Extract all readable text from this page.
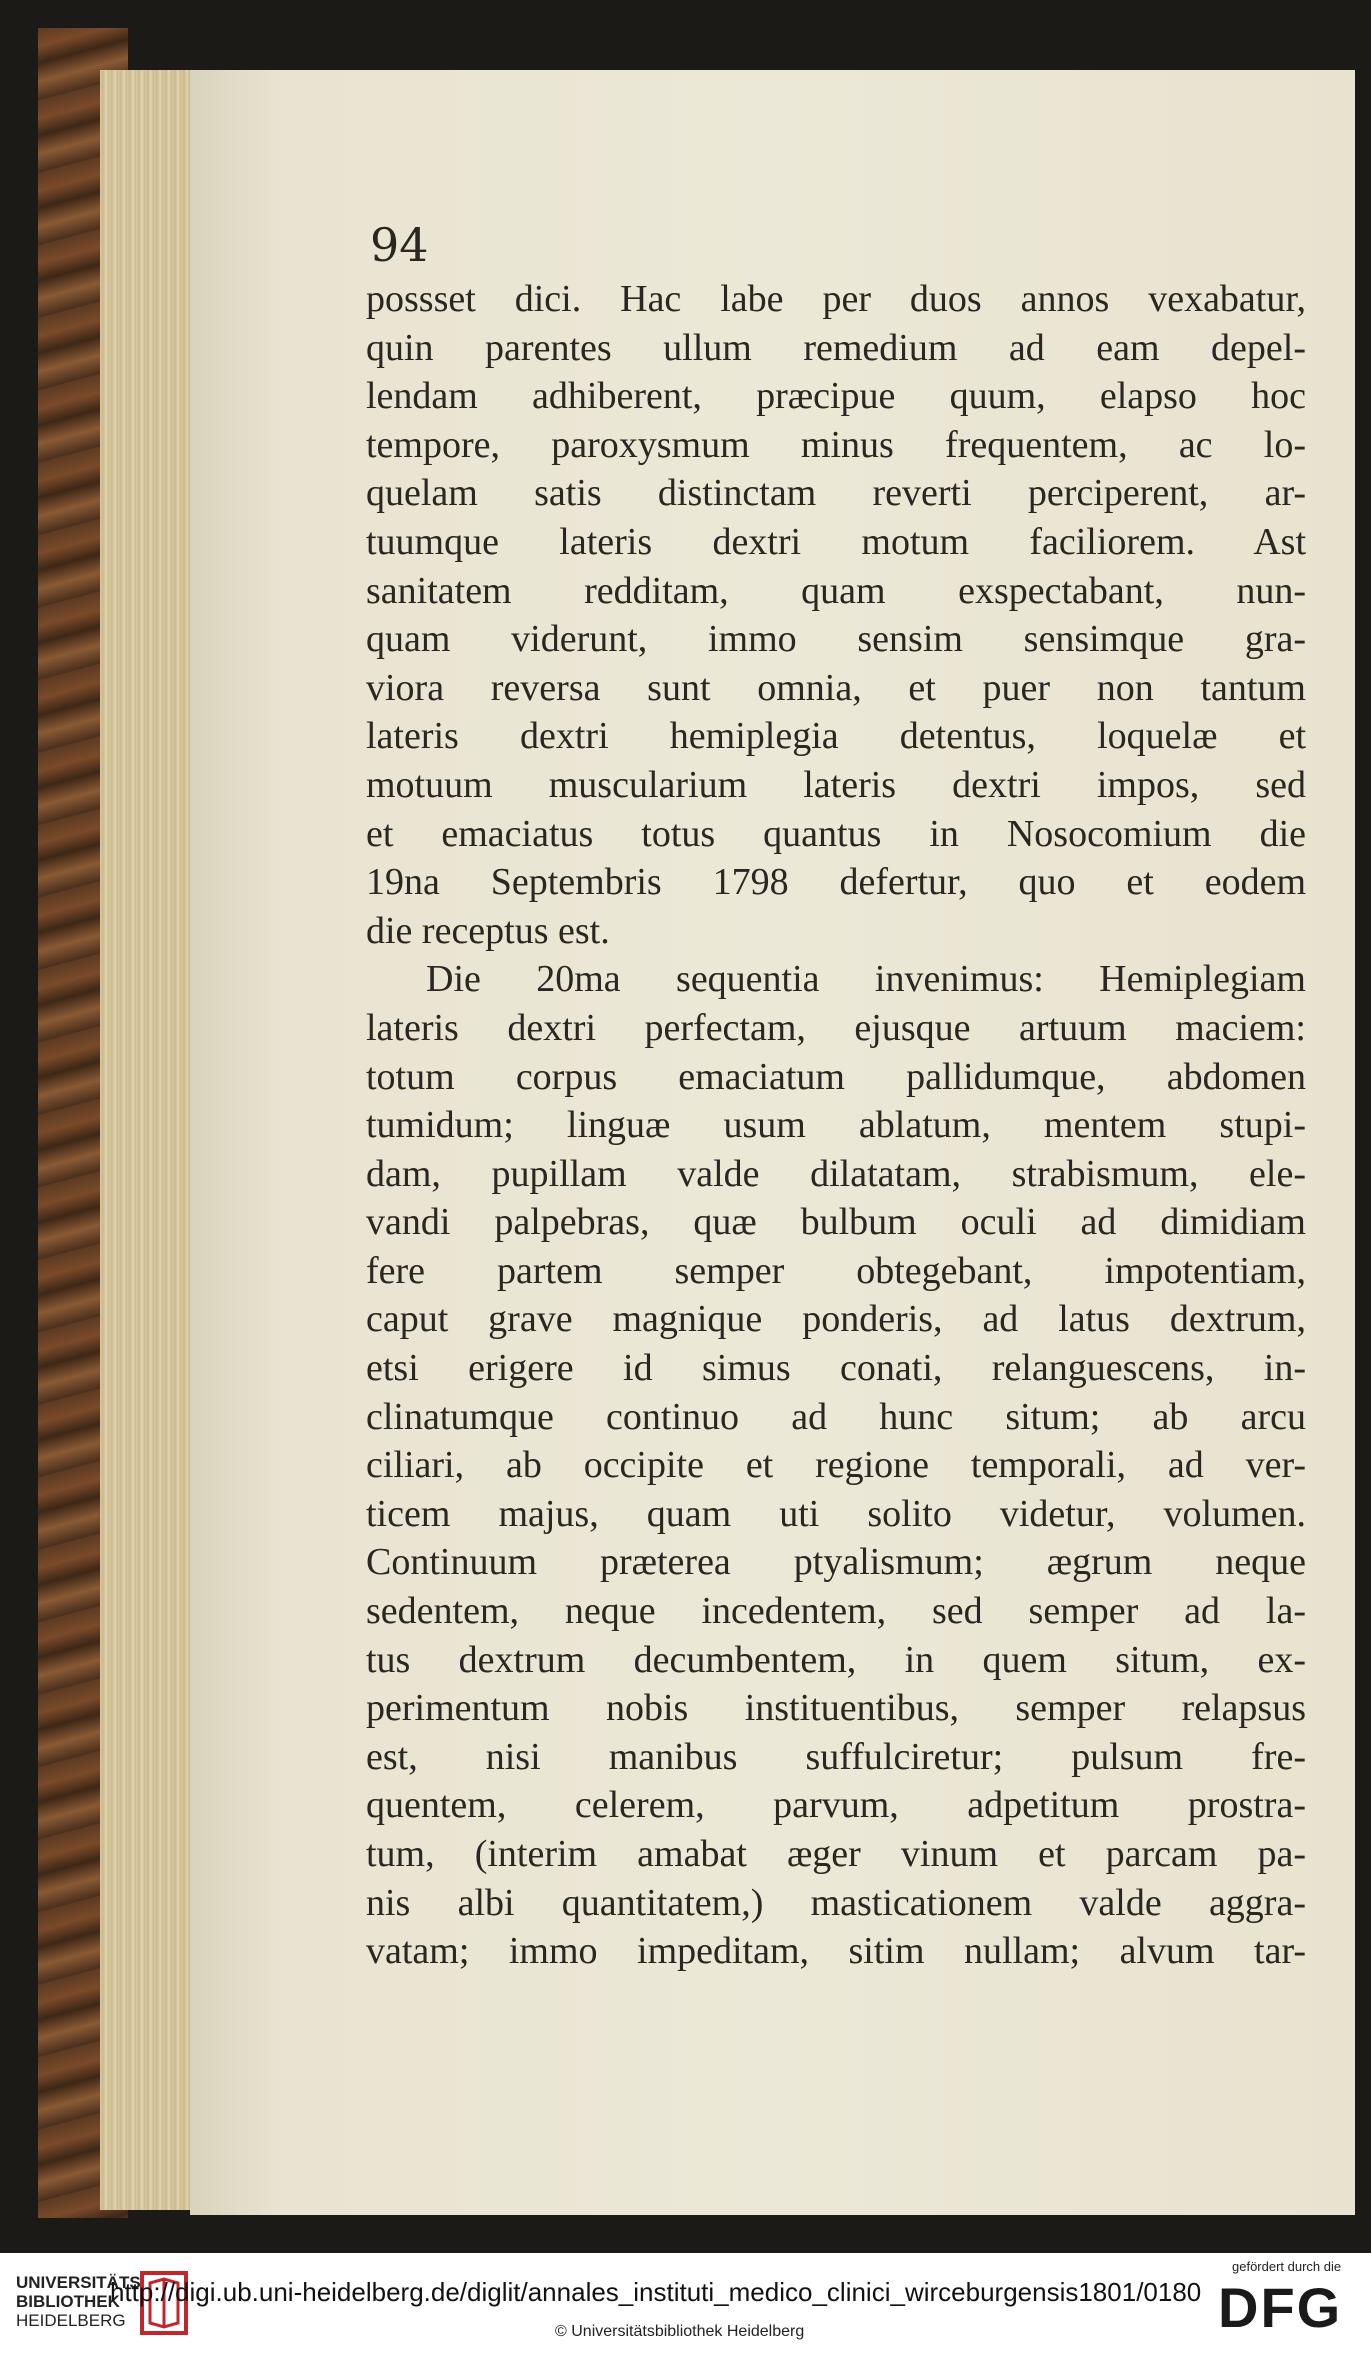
94

possset dici. Hac labe per duos annos vexabatur,
quin parentes ullum remedium ad eam depel-
lendam adhiberent, præcipue quum, elapso hoc
tempore, paroxysmum minus frequentem, ac lo-
quelam satis distinctam reverti perciperent, ar-
tuumque lateris dextri motum faciliorem. Ast
sanitatem redditam, quam exspectabant, nun-
quam viderunt, immo sensim sensimque gra-
viora reversa sunt omnia, et puer non tantum
lateris dextri hemiplegia detentus, loquelæ et
motuum muscularium lateris dextri impos, sed
et emaciatus totus quantus in Nosocomium die
19na Septembris 1798 defertur, quo et eodem
die receptus est.
Die 20ma sequentia invenimus: Hemiplegiam
lateris dextri perfectam, ejusque artuum maciem:
totum corpus emaciatum pallidumque, abdomen
tumidum; linguæ usum ablatum, mentem stupi-
dam, pupillam valde dilatatam, strabismum, ele-
vandi palpebras, quæ bulbum oculi ad dimidiam
fere partem semper obtegebant, impotentiam,
caput grave magnique ponderis, ad latus dextrum,
etsi erigere id simus conati, relanguescens, in-
clinatumque continuo ad hunc situm; ab arcu
ciliari, ab occipite et regione temporali, ad ver-
ticem majus, quam uti solito videtur, volumen.
Continuum præterea ptyalismum; ægrum neque
sedentem, neque incedentem, sed semper ad la-
tus dextrum decumbentem, in quem situm, ex-
perimentum nobis instituentibus, semper relapsus
est, nisi manibus suffulciretur; pulsum fre-
quentem, celerem, parvum, adpetitum prostra-
tum, (interim amabat æger vinum et parcam pa-
nis albi quantitatem,) masticationem valde aggra-
vatam; immo impeditam, sitim nullam; alvum tar-
UNIVERSITÄTS
BIBLIOTHEK
HEIDELBERG
http://digi.ub.uni-heidelberg.de/diglit/annales_instituti_medico_clinici_wirceburgensis1801/0180
© Universitätsbibliothek Heidelberg
gefördert durch die
DFG
